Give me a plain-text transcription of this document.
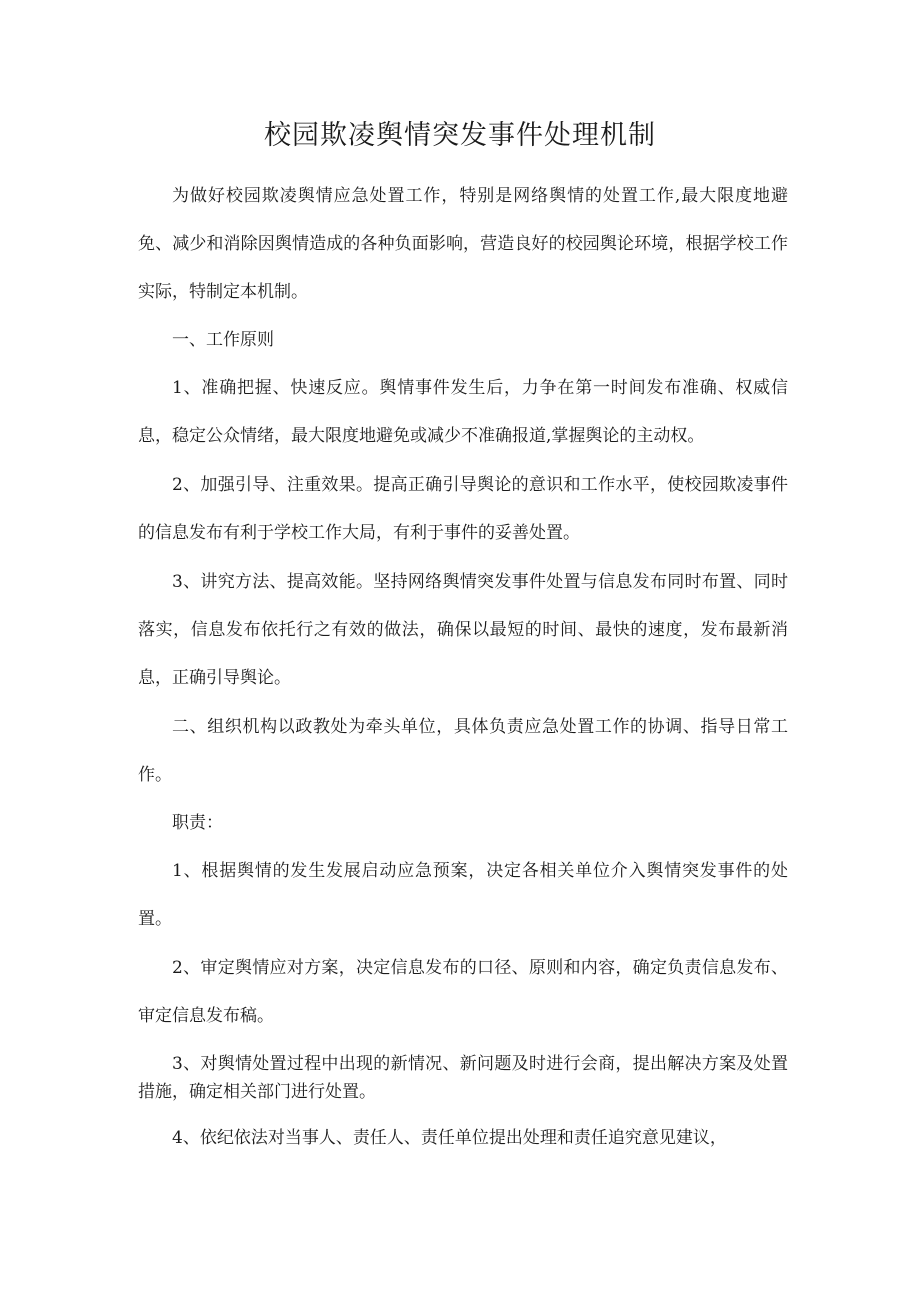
校园欺凌舆情突发事件处理机制

为做好校园欺凌舆情应急处置工作，特别是网络舆情的处置工作,最大限度地避免、减少和消除因舆情造成的各种负面影响，营造良好的校园舆论环境，根据学校工作实际，特制定本机制。

一、工作原则

1、准确把握、快速反应。舆情事件发生后，力争在第一时间发布准确、权威信息，稳定公众情绪，最大限度地避免或减少不准确报道,掌握舆论的主动权。

2、加强引导、注重效果。提高正确引导舆论的意识和工作水平，使校园欺凌事件的信息发布有利于学校工作大局，有利于事件的妥善处置。

3、讲究方法、提高效能。坚持网络舆情突发事件处置与信息发布同时布置、同时落实，信息发布依托行之有效的做法，确保以最短的时间、最快的速度，发布最新消息，正确引导舆论。

二、组织机构以政教处为牵头单位，具体负责应急处置工作的协调、指导日常工作。

职责：

1、根据舆情的发生发展启动应急预案，决定各相关单位介入舆情突发事件的处置。

2、审定舆情应对方案，决定信息发布的口径、原则和内容，确定负责信息发布、审定信息发布稿。

3、对舆情处置过程中出现的新情况、新问题及时进行会商，提出解决方案及处置措施，确定相关部门进行处置。

4、依纪依法对当事人、责任人、责任单位提出处理和责任追究意见建议，
